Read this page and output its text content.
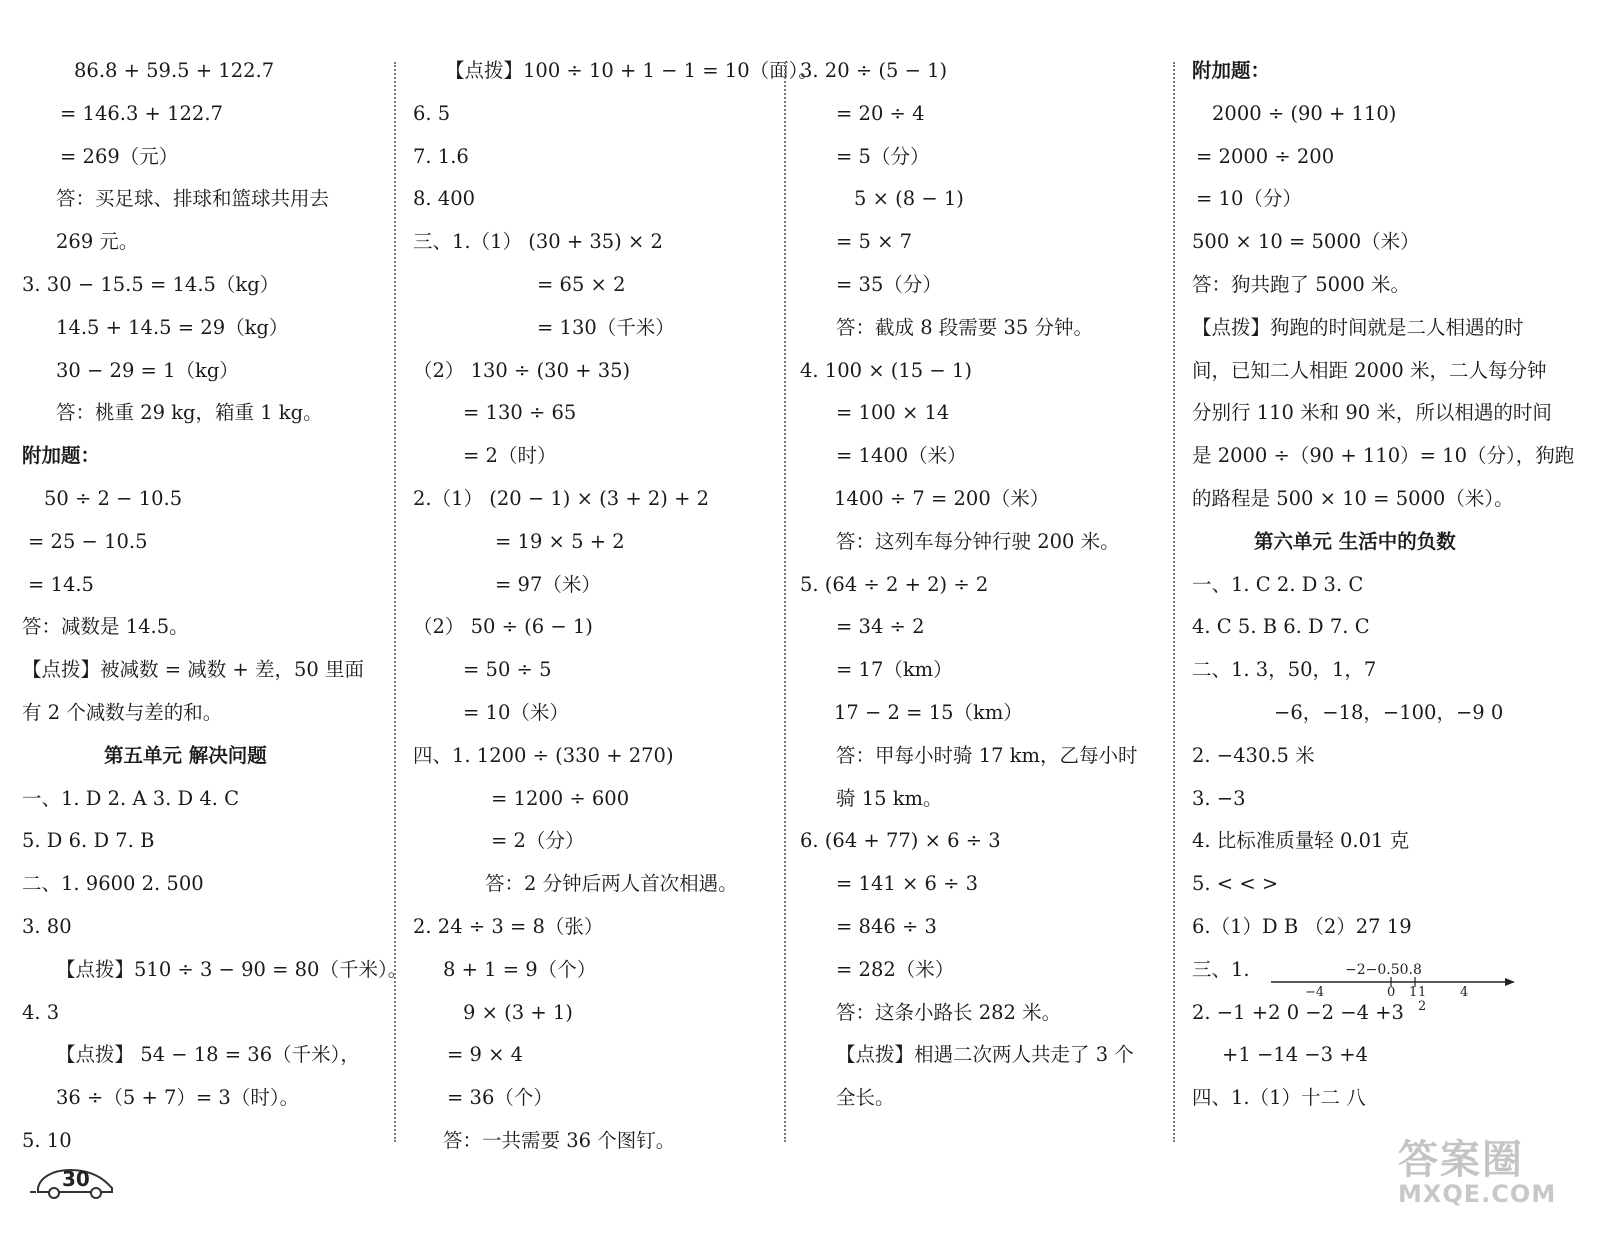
86.8 + 59.5 + 122.7
= 146.3 + 122.7
= 269（元）
答：买足球、排球和篮球共用去
269 元。
3. 30 − 15.5 = 14.5（kg）
14.5 + 14.5 = 29（kg）
30 − 29 = 1（kg）
答：桃重 29 kg，箱重 1 kg。
附加题：
50 ÷ 2 − 10.5
= 25 − 10.5
= 14.5
答：减数是 14.5。
【点拨】被减数 = 减数 + 差，50 里面
有 2 个减数与差的和。
第五单元 解决问题
一、1. D 2. A 3. D 4. C
5. D 6. D 7. B
二、1. 9600 2. 500
3. 80
【点拨】510 ÷ 3 − 90 = 80（千米）。
4. 3
【点拨】 54 − 18 = 36（千米），
36 ÷（5 + 7）= 3（时）。
5. 10
【点拨】100 ÷ 10 + 1 − 1 = 10（面）。
6. 5
7. 1.6
8. 400
三、1.（1） (30 + 35) × 2
= 65 × 2
= 130（千米）
（2） 130 ÷ (30 + 35)
= 130 ÷ 65
= 2（时）
2.（1） (20 − 1) × (3 + 2) + 2
= 19 × 5 + 2
= 97（米）
（2） 50 ÷ (6 − 1)
= 50 ÷ 5
= 10（米）
四、1. 1200 ÷ (330 + 270)
= 1200 ÷ 600
= 2（分）
答：2 分钟后两人首次相遇。
2. 24 ÷ 3 = 8（张）
8 + 1 = 9（个）
9 × (3 + 1)
= 9 × 4
= 36（个）
答：一共需要 36 个图钉。
3. 20 ÷ (5 − 1)
= 20 ÷ 4
= 5（分）
5 × (8 − 1)
= 5 × 7
= 35（分）
答：截成 8 段需要 35 分钟。
4. 100 × (15 − 1)
= 100 × 14
= 1400（米）
1400 ÷ 7 = 200（米）
答：这列车每分钟行驶 200 米。
5. (64 ÷ 2 + 2) ÷ 2
= 34 ÷ 2
= 17（km）
17 − 2 = 15（km）
答：甲每小时骑 17 km，乙每小时
骑 15 km。
6. (64 + 77) × 6 ÷ 3
= 141 × 6 ÷ 3
= 846 ÷ 3
= 282（米）
答：这条小路长 282 米。
【点拨】相遇二次两人共走了 3 个
全长。
附加题：
2000 ÷ (90 + 110)
= 2000 ÷ 200
= 10（分）
500 × 10 = 5000（米）
答：狗共跑了 5000 米。
【点拨】狗跑的时间就是二人相遇的时
间，已知二人相距 2000 米，二人每分钟
分别行 110 米和 90 米，所以相遇的时间
是 2000 ÷（90 + 110）= 10（分），狗跑
的路程是 500 × 10 = 5000（米）。
第六单元 生活中的负数
一、1. C 2. D 3. C
4. C 5. B 6. D 7. C
二、1. 3，50，1，7
−6，−18，−100，−9 0
2. −430.5 米
3. −3
4. 比标准质量轻 0.01 克
5. < < >
6.（1）D B （2）27 19
三、1.
2. −1 +2 0 −2 −4 +3
+1 −14 −3 +4
四、1.（1）十二 八
−2−0.50.8
−4	0 1 1
2
4
30	答案圈
MXQE.COM
